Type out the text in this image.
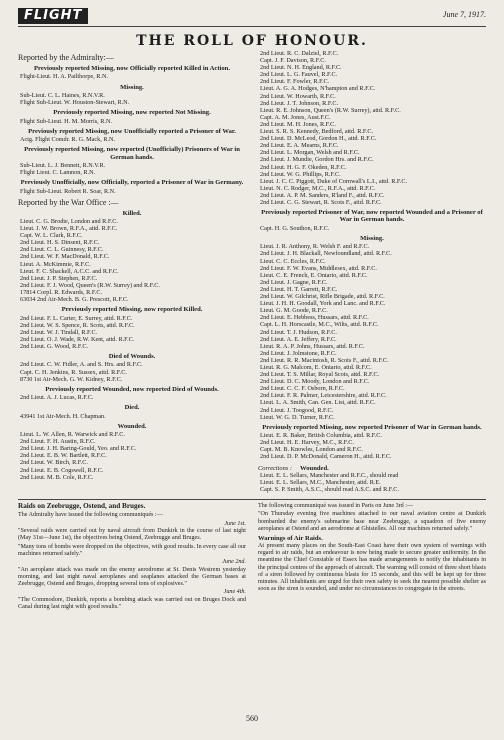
FLIGHT	June 7, 1917.
THE ROLL OF HONOUR.
Reported by the Admiralty:—
Previously reported Missing, now Officially reported Killed in Action.

Flight-Lieut. H. A. Pailthorpe, R.N.

Missing.

Sub-Lieut. C. L. Haines, R.N.V.R.

Flight Sub-Lieut. W. Houston-Stewart, R.N.

Previously reported Missing, now reported Not Missing.

Flight Sub-Lieut. H. M. Morris, R.N.

Previously reported Missing, now Unofficially reported a Prisoner of War.

Actg. Flight Comdr. R. G. Mack, R.N.

Previously reported Missing, now reported (Unofficially) Prisoners of War in German hands.

Sub-Lieut. L. J. Bennett, R.N.V.R.

Flight Lieut. C. Lamnon, R.N.

Previously Unofficially, now Officially, reported a Prisoner of War in Germany.

Flight Sub-Lieut. Robert R. Soar, R.N.

Reported by the War Office :—
Killed.

Lieut. C. G. Brodie, London and R.F.C.

Lieut. J. W. Brown, R.F.A., attd. R.F.C.

Capt. W. L. Clark, R.F.C.

2nd Lieut. H. S. Dinsent, R.F.C.

2nd Lieut. C. L. Guinnesy, R.F.C.

2nd Lieut. W. F. MacDonald, R.F.C.

Lieut. A. McKimmie, R.F.C.

Lieut. F. C. Shackell, A.C.C. and R.F.C.

2nd Lieut. J. P. Stephen, R.F.C.

2nd Lieut. F. J. Wood, Queen's (R.W. Surrey) and R.F.C.

17814 Corpl. R. Edwards, R.F.C.

63034 2nd Air-Mech. B. G. Prescott, R.F.C.

Previously reported Missing, now reported Killed.

2nd Lieut. F. L. Carter, E. Surrey, attd. R.F.C.

2nd Lieut. W. S. Spence, R. Scots, attd. R.F.C.

2nd Lieut. W. J. Tindall, R.F.C.

2nd Lieut. O. J. Wade, R.W. Kent, attd. R.F.C.

2nd Lieut. G. Wood, R.F.C.

Died of Wounds.

2nd Lieut. C. W. Fidler, A. and S. Hrs. and R.F.C.

Capt. C. H. Jenkins, R. Sussex, attd. R.F.C.

8730 1st Air-Mech. G. W. Kidney, R.F.C.

Previously reported Wounded, now reported Died of Wounds.

2nd Lieut. A. J. Lucas, R.F.C.

Died.

43941 1st Air-Mech. H. Chapman.

Wounded.

Lieut. L. W. Allen, R. Warwick and R.F.C.

2nd Lieut. F. H. Austin, R.F.C.

2nd Lieut. J. H. Baring-Gould, Yeo. and R.F.C.

2nd Lieut. E. B. W. Bartlett, R.F.C.

2nd Lieut. W. Birch, R.F.C.

2nd Lieut. E. B. Cogswell, R.F.C.

2nd Lieut. M. B. Cole, R.F.C.

2nd Lieut. R. C. Dalziel, R.F.C.

Capt. J. F. Davison, R.F.C.

2nd Lieut. N. H. England, R.F.C.

2nd Lieut. L. G. Fauvel, R.F.C.

2nd Lieut. F. Fowler, R.F.C.

Lieut. A. G. A. Hodges, N'hampton and R.F.C.

2nd Lieut. W. Howarth, R.F.C.

2nd Lieut. J. T. Johnson, R.F.C.

Lieut. R. E. Johnson, Queen's (R.W. Surrey), attd. R.F.C.

Capt. A. M. Jones, Aust.F.C.

2nd Lieut. M. H. Jones, R.F.C.

Lieut. S. R. S. Kennedy, Bedford, attd. R.F.C.

2nd Lieut. D. McLeod, Gordon H., attd. R.F.C.

2nd Lieut. E. A. Mearns, R.F.C.

2nd Lieut. L. Morgan, Welsh and R.F.C.

2nd Lieut. J. Mundie, Gordon Hrs. and R.F.C.

2nd Lieut. H. G. F. Okeden, R.F.C.

2nd Lieut. W. G. Phillips, R.F.C.

Lieut. J. C. C. Piggott, Duke of Cornwall's L.I., attd. R.F.C.

Lieut. N. C. Rodger, M.C., R.F.A., attd. R.F.C.

2nd Lieut. A. P. M. Sanders, R'land F., attd. R.F.C.

2nd Lieut. C. G. Stewart, R. Scots F., attd. R.F.C.

Previously reported Prisoner of War, now reported Wounded and a Prisoner of War in German hands.

Capt. H. G. Southon, R.F.C.

Missing.

Lieut. J. R. Anthony, R. Welsh F. and R.F.C.

2nd Lieut. J. H. Blackall, Newfoundland, attd. R.F.C.

Lieut. C. C. Eccles, R.F.C.

2nd Lieut. F. W. Evans, Middlesex, attd. R.F.C.

Lieut. C. E. French, E. Ontario, attd. R.F.C.

2nd Lieut. J. Gagne, R.F.C.

2nd Lieut. H. T. Garrett, R.F.C.

2nd Lieut. W. Gilchrist, Rifle Brigade, attd. R.F.C.

Lieut. J. H. H. Goodall, York and Lanc. and R.F.C.

Lieut. G. M. Goode, R.F.C.

2nd Lieut. E. Hebbess, Hussars, attd. R.F.C.

Capt. L. H. Horscastle, M.C., Wilts, attd. R.F.C.

2nd Lieut. T. J. Hudson, R.F.C.

2nd Lieut. A. E. Jeffery, R.F.C.

Lieut. R. A. P. Johns, Hussars, attd. R.F.C.

2nd Lieut. J. Jolmstone, R.F.C.

2nd Lieut. R. R. Macintosh, R. Scots F., attd. R.F.C.

Lieut. R. G. Malcom, E. Ontario, attd. R.F.C.

2nd Lieut. T. S. Millar, Royal Scots, attd. R.F.C.

2nd Lieut. D. C. Moody, London and R.F.C.

2nd Lieut. C. C. F. Osborn, R.F.C.

2nd Lieut. F. R. Palmer, Leicestershire, attd. R.F.C.

Lieut. L. A. Smith, Can. Gen. List, attd. R.F.C.

2nd Lieut. J. Toogood, R.F.C.

Lieut. W. G. D. Turner, R.F.C.

Previously reported Missing, now reported Prisoner of War in German hands.

Lieut. E. R. Baker, British Columbia, attd. R.F.C.

2nd Lieut. H. E. Harvey, M.C., R.F.C.

Capt. M. B. Knowles, London and R.F.C.

2nd Lieut. D. P. McDonald, Cameron H., attd. R.F.C.

Corrections : Wounded.

Lieut. E. L. Sellars, Manchester and R.F.C., should read

Lieut. E. L. Sellars, M.C., Manchester, attd. R.E.

Capt. S. P. Smith, A.S.C., should read A.S.C. and R.F.C.

Raids on Zeebrugge, Ostend, and Bruges.

The Admiralty have issued the following communiqués :—

June 1st.

"Several raids were carried out by naval aircraft from Dunkirk in the course of last night (May 31st—June 1st), the objectives being Ostend, Zeebrugge and Bruges.

"Many tons of bombs were dropped on the objectives, with good results. In every case all our machines returned safely."

June 2nd.

"An aeroplane attack was made on the enemy aerodrome at St. Denis Westrem yesterday morning, and last night naval aeroplanes and seaplanes attacked the German bases at Zeebrugge, Ostend and Bruges, dropping several tons of explosives."

June 4th.

"The Commodore, Dunkirk, reports a bombing attack was carried out on Bruges Dock and Canal during last night with good results."

The following communiqué was issued in Paris on June 3rd :—

"On Thursday evening five machines attached to our naval aviation centre at Dunkirk bombarded the enemy's submarine base near Zeebrugge, a squadron of five enemy aeroplanes at Ostend and an aerodrome at Ghistelles. All our machines returned safely."

Warnings of Air Raids.

At present many places on the South-East Coast have their own system of warnings with regard to air raids, but an endeavour is now being made to secure greater uniformity. In the meantime the Chief Constable of Essex has made arrangements to notify the inhabitants in the principal centres of the approach of aircraft. The warning will consist of three short blasts of a siren followed by continuous blasts for 15 seconds, and this will be kept up for three minutes. All inhabitants are urged for their own safety to seek the nearest possible shelter as soon as the siren is sounded, and under no circumstances to congregate in the streets.

560
